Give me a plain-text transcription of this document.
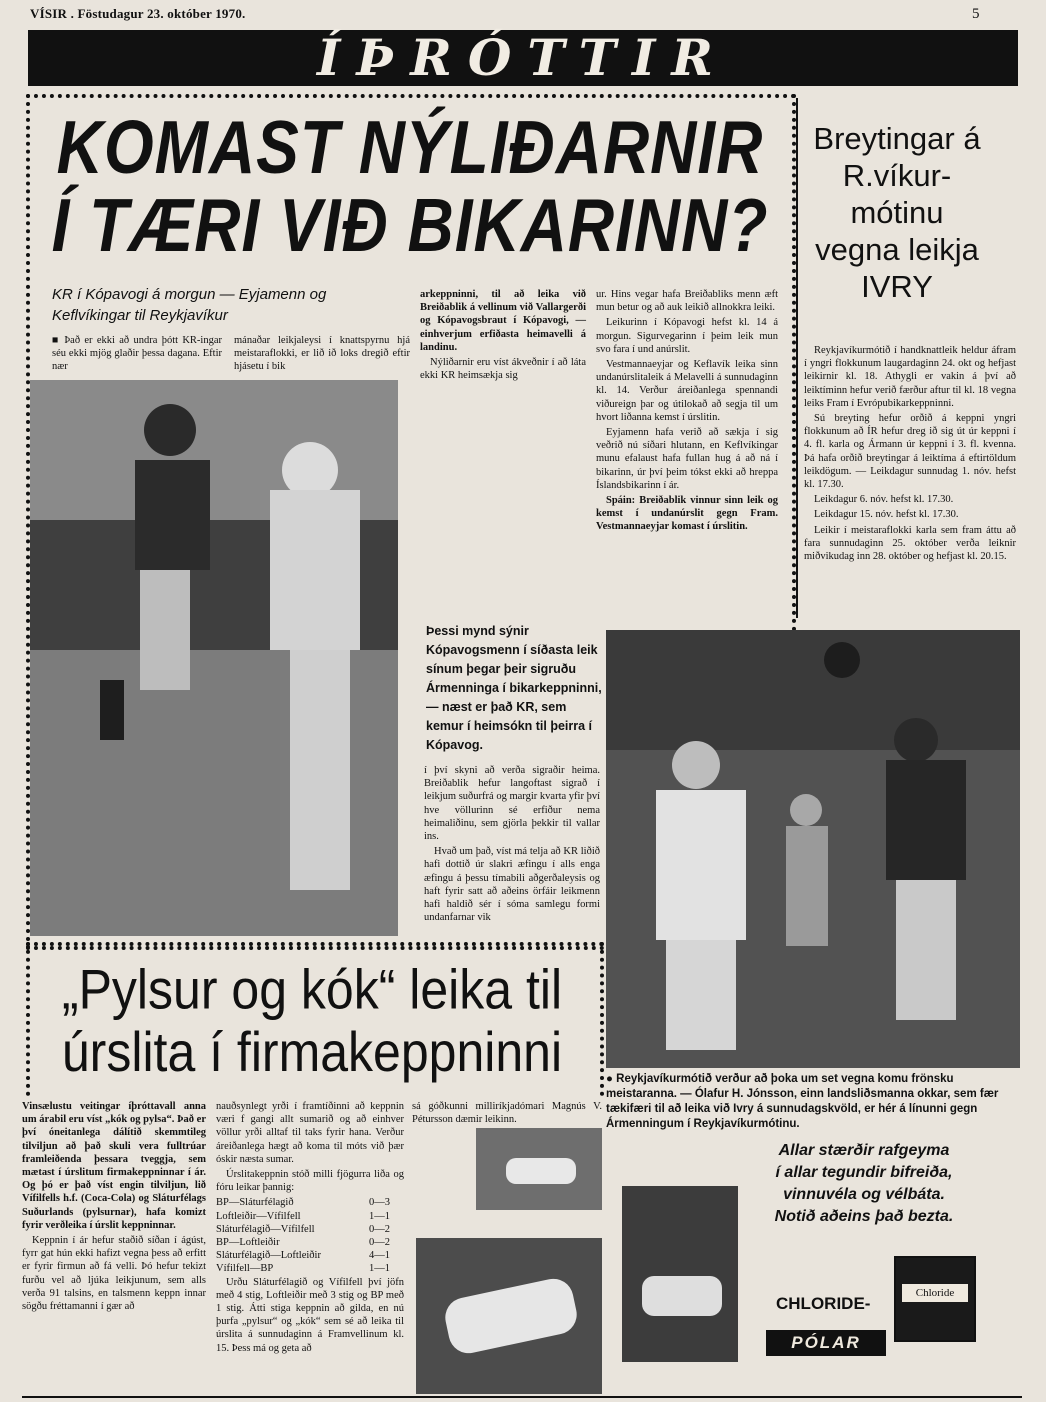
VÍSIR . Föstudagur 23. október 1970.	5
ÍÞRÓTTIR
KOMAST NÝLIÐARNIR Í TÆRI VIÐ BIKARINN?
KR í Kópavogi á morgun — Eyjamenn og
Keflvíkingar til Reykjavíkur

■ Það er ekki að undra þótt KR-ingar séu ekki mjög glaðir þessa dagana. Eftir nær

mánaðar leikjaleysi í knattspyrnu hjá meistaraflokki, er lið ið loks dregið eftir hjásetu í bik

arkeppninni, til að leika við Breiðablik á vellinum við Vallargerði og Kópavogsbraut í Kópavogi, — einhverjum erfiðasta heimavelli á landinu.

Nýliðarnir eru víst ákveðnir í að láta ekki KR heimsækja sig

ur. Hins vegar hafa Breiðabliks menn æft mun betur og að auk leikið allnokkra leiki.

Leikurinn í Kópavogi hefst kl. 14 á morgun. Sigurvegarinn í þeim leik mun svo fara í und anúrslit.

Vestmannaeyjar og Keflavík leika sinn undanúrslitaleik á Melavelli á sunnudaginn kl. 14. Verður áreiðanlega spennandi viðureign þar og útilokað að segja til um hvort liðanna kemst í úrslitin.

Eyjamenn hafa verið að sækja í sig veðrið nú síðari hlutann, en Keflvíkingar munu efalaust hafa fullan hug á að ná í bikarinn, úr því þeim tókst ekki að hreppa Íslandsbikarinn í ár.

Spáin: Breiðablik vinnur sinn leik og kemst í undanúrslit gegn Fram. Vestmannaeyjar komast í úrslitin.

Þessi mynd sýnir Kópavogsmenn í síðasta leik sínum þegar þeir sigruðu Ármenninga í bikarkeppninni, — næst er það KR, sem kemur í heimsókn til þeirra í Kópavog.

í því skyni að verða sigraðir heima. Breiðablik hefur langoftast sigrað í leikjum suðurfrá og margir kvarta yfir því hve völlurinn sé erfiður nema heimaliðinu, sem gjörla þekkir til vallar ins.

Hvað um það, víst má telja að KR liðið hafi dottið úr slakri æfingu í alls enga æfingu á þessu tímabili aðgerðaleysis og haft fyrir satt að aðeins örfáir leikmenn hafi haldið sér í sóma samlegu formi undanfarnar vik

Breytingar á R.víkur-mótinu vegna leikja IVRY

Reykjavíkurmótið í handknattleik heldur áfram í yngri flokkunum laugardaginn 24. okt og hefjast leikirnir kl. 18. Athygli er vakin á því að leiktíminn hefur verið færður aftur til kl. 18 vegna leiks Fram í Evrópubikarkeppninni.

Sú breyting hefur orðið á keppni yngri flokkunum að ÍR hefur dreg ið sig út úr keppni í 4. fl. karla og Ármann úr keppni í 3. fl. kvenna. Þá hafa orðið breytingar á leiktíma á eftirtöldum leikdögum. — Leikdagur sunnudag 1. nóv. hefst kl. 17.30.

Leikdagur 6. nóv. hefst kl. 17.30.

Leikdagur 15. nóv. hefst kl. 17.30.

Leikir í meistaraflokki karla sem fram áttu að fara sunnudaginn 25. október verða leiknir miðvikudag inn 28. október og hefjast kl. 20.15.

● Reykjavíkurmótið verður að þoka um set vegna komu frönsku meistaranna. — Ólafur H. Jónsson, einn landsliðsmanna okkar, sem fær tækifæri til að leika við Ivry á sunnudagskvöld, er hér á línunni gegn Ármenningum í Reykjavíkurmótinu.
„Pylsur og kók“ leika til
úrslita í firmakeppninni

Vinsælustu veitingar íþróttavall anna um árabil eru víst „kók og pylsa“. Það er því óneitanlega dálítið skemmtileg tilviljun að það skuli vera fulltrúar framleiðenda þessara tveggja, sem mætast í úrslitum firmakeppninnar í ár. Og þó er það víst engin tilviljun, lið Vífilfells h.f. (Coca-Cola) og Sláturfélags Suðurlands (pylsurnar), hafa komizt fyrir verðleika í úrslit keppninnar.

Keppnin í ár hefur staðið síðan í ágúst, fyrr gat hún ekki hafizt vegna þess að erfitt er fyrir firmun að fá velli. Þó hefur tekizt furðu vel að ljúka leikjunum, sem alls verða 91 talsins, en talsmenn keppn innar sögðu fréttamanni í gær að

nauðsynlegt yrði í framtíðinni að keppnin væri f gangi allt sumarið og að einhver völlur yrði alltaf til taks fyrir hana. Verður áreiðanlega hægt að koma til móts við þær óskir næsta sumar.

Úrslitakeppnin stóð milli fjögurra liða og fóru leikar þannig:

BP—Sláturfélagið	0—3
Loftleiðir—Vífilfell	1—1
Sláturfélagið—Vífilfell	0—2
BP—Loftleiðir	0—2
Sláturfélagið—Loftleiðir	4—1
Vífilfell—BP	1—1

Urðu Sláturfélagið og Vífilfell því jöfn með 4 stig, Loftleiðir með 3 stig og BP með 1 stig. Átti stiga keppnin að gilda, en nú þurfa „pylsur“ og „kók“ sem sé að leika til úrslita á sunnudaginn á Framvellinum kl. 15. Þess má og geta að

sá góðkunni milliríkjadómari Magnús V. Pétursson dæmir leikinn.

Allar stærðir rafgeyma
í allar tegundir bifreiða,
vinnuvéla og vélbáta.
Notið aðeins það bezta.
CHLORIDE-
Chloride
PÓLAR
